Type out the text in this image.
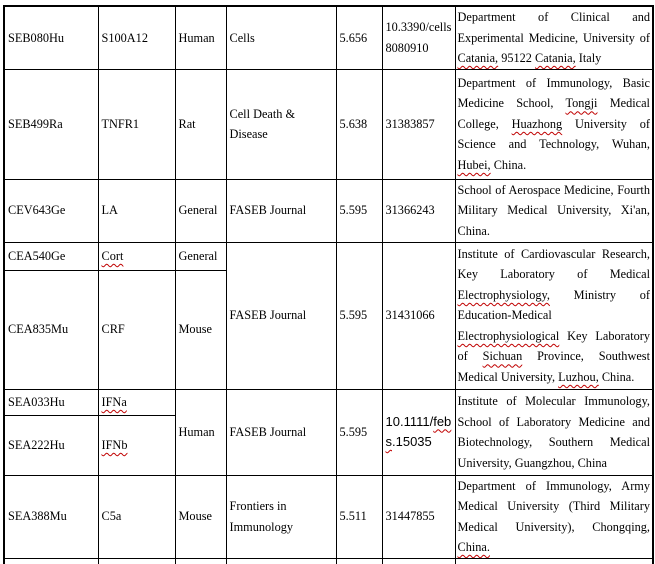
SEB080Hu	S100A12	Human	Cells	5.656	10.3390/cells8080910	Department of Clinical and Experimental Medicine, University of Catania, 95122 Catania, Italy
SEB499Ra	TNFR1	Rat	Cell Death & Disease	5.638	31383857	Department of Immunology, Basic Medicine School, Tongji Medical College, Huazhong University of Science and Technology, Wuhan, Hubei, China.
CEV643Ge	LA	General	FASEB Journal	5.595	31366243	School of Aerospace Medicine, Fourth Military Medical University, Xi'an, China.
CEA540Ge	Cort	General	FASEB Journal	5.595	31431066	Institute of Cardiovascular Research, Key Laboratory of Medical Electrophysiology, Ministry of Education-Medical Electrophysiological Key Laboratory of Sichuan Province, Southwest Medical University, Luzhou, China.
CEA835Mu	CRF	Mouse				
SEA033Hu	IFNa	Human	FASEB Journal	5.595	10.1111/febs.15035	Institute of Molecular Immunology, School of Laboratory Medicine and Biotechnology, Southern Medical University, Guangzhou, China
SEA222Hu	IFNb					
SEA388Mu	C5a	Mouse	Frontiers in Immunology	5.511	31447855	Department of Immunology, Army Medical University (Third Military Medical University), Chongqing, China.
